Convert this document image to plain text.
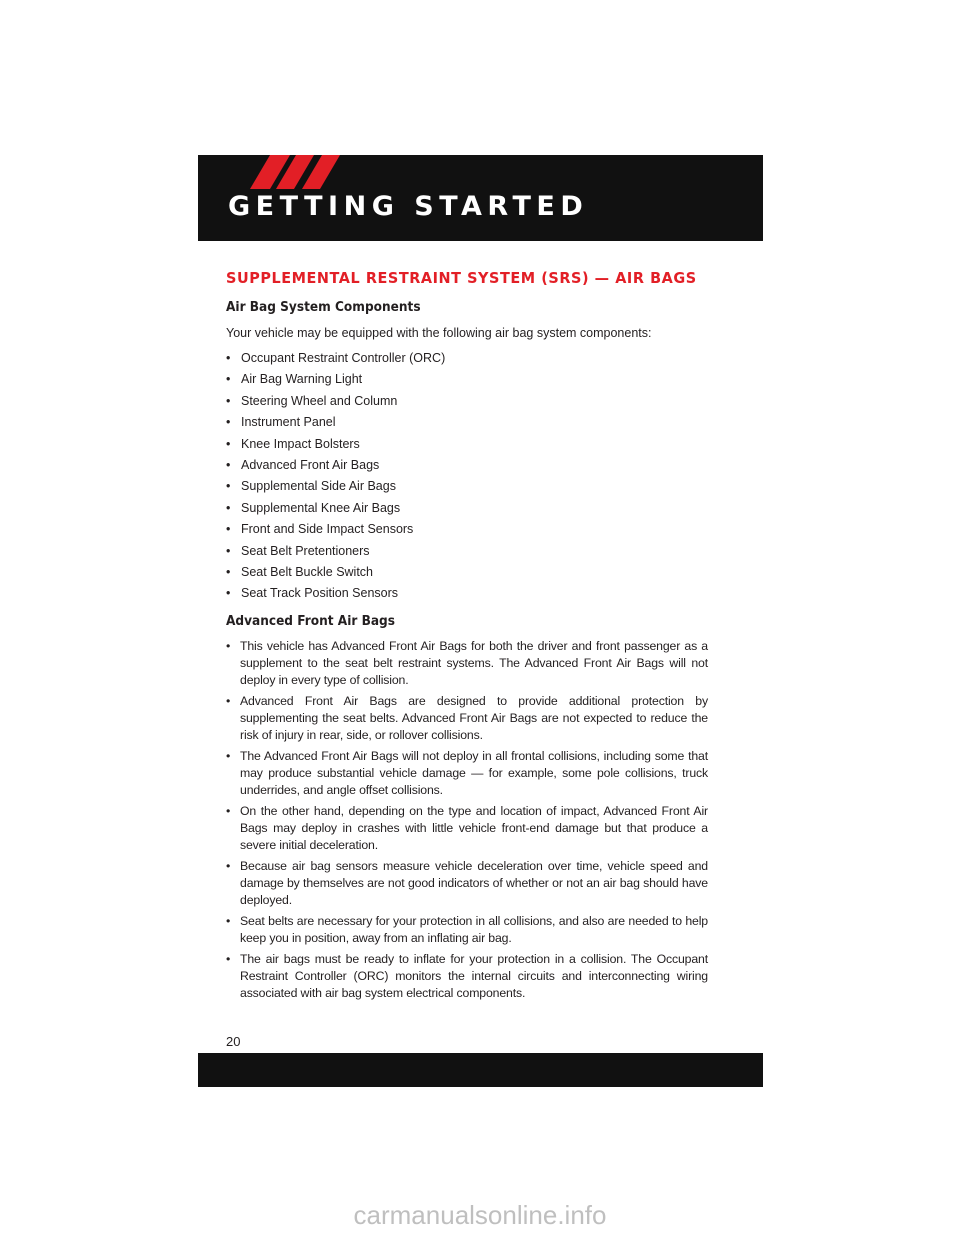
GETTING STARTED
SUPPLEMENTAL RESTRAINT SYSTEM (SRS) — AIR BAGS
Air Bag System Components
Your vehicle may be equipped with the following air bag system components:
• Occupant Restraint Controller (ORC)
• Air Bag Warning Light
• Steering Wheel and Column
• Instrument Panel
• Knee Impact Bolsters
• Advanced Front Air Bags
• Supplemental Side Air Bags
• Supplemental Knee Air Bags
• Front and Side Impact Sensors
• Seat Belt Pretentioners
• Seat Belt Buckle Switch
• Seat Track Position Sensors
Advanced Front Air Bags
• This vehicle has Advanced Front Air Bags for both the driver and front passenger as a supplement to the seat belt restraint systems. The Advanced Front Air Bags will not deploy in every type of collision.
• Advanced Front Air Bags are designed to provide additional protection by supplementing the seat belts. Advanced Front Air Bags are not expected to reduce the risk of injury in rear, side, or rollover collisions.
• The Advanced Front Air Bags will not deploy in all frontal collisions, including some that may produce substantial vehicle damage — for example, some pole collisions, truck underrides, and angle offset collisions.
• On the other hand, depending on the type and location of impact, Advanced Front Air Bags may deploy in crashes with little vehicle front-end damage but that produce a severe initial deceleration.
• Because air bag sensors measure vehicle deceleration over time, vehicle speed and damage by themselves are not good indicators of whether or not an air bag should have deployed.
• Seat belts are necessary for your protection in all collisions, and also are needed to help keep you in position, away from an inflating air bag.
• The air bags must be ready to inflate for your protection in a collision. The Occupant Restraint Controller (ORC) monitors the internal circuits and interconnecting wiring associated with air bag system electrical components.
20
carmanualsonline.info
